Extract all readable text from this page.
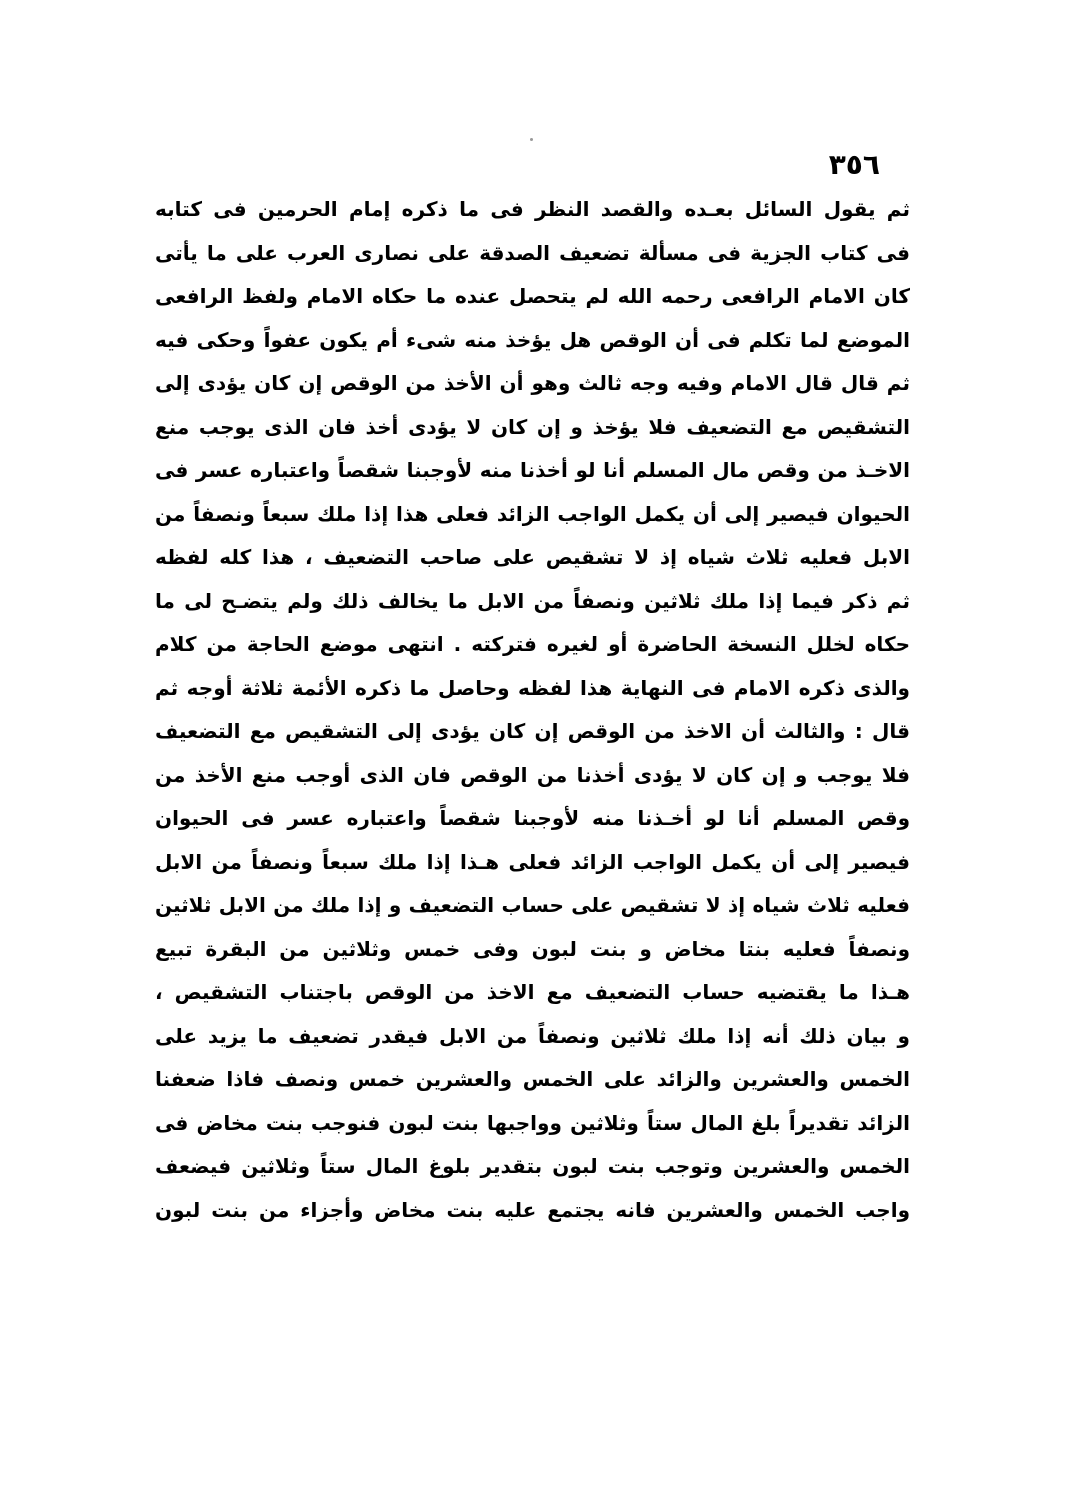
٣٥٦
ثم يقول السائل بعـده والقصد النظر فى ما ذكره إمام الحرمين فى كتابه
فى كتاب الجزية فى مسألة تضعيف الصدقة على نصارى العرب على ما يأتى
كان الامام الرافعى رحمه الله لم يتحصل عنده ما حكاه الامام ولفظ الرافعى
الموضع لما تكلم فى أن الوقص هل يؤخذ منه شىء أم يكون عفواً وحكى فيه
ثم قال قال الامام وفيه وجه ثالث وهو أن الأخذ من الوقص إن كان يؤدى إلى
التشقيص مع التضعيف فلا يؤخذ و إن كان لا يؤدى أخذ فان الذى يوجب منع
الاخـذ من وقص مال المسلم أنا لو أخذنا منه لأوجبنا شقصاً واعتباره عسر فى
الحيوان فيصير إلى أن يكمل الواجب الزائد فعلى هذا إذا ملك سبعاً ونصفاً من
الابل فعليه ثلاث شياه إذ لا تشقيص على صاحب التضعيف ، هذا كله لفظه
ثم ذكر فيما إذا ملك ثلاثين ونصفاً من الابل ما يخالف ذلك ولم يتضـح لى ما
حكاه لخلل النسخة الحاضرة أو لغيره فتركته . انتهى موضع الحاجة من كلام
والذى ذكره الامام فى النهاية هذا لفظه وحاصل ما ذكره الأئمة ثلاثة أوجه ثم
قال : والثالث أن الاخذ من الوقص إن كان يؤدى إلى التشقيص مع التضعيف
فلا يوجب و إن كان لا يؤدى أخذنا من الوقص فان الذى أوجب منع الأخذ من
وقص المسلم أنا لو أخـذنا منه لأوجبنا شقصاً واعتباره عسر فى الحيوان
فيصير إلى أن يكمل الواجب الزائد فعلى هـذا إذا ملك سبعاً ونصفاً من الابل
فعليه ثلاث شياه إذ لا تشقيص على حساب التضعيف و إذا ملك من الابل ثلاثين
ونصفاً فعليه بنتا مخاض و بنت لبون وفى خمس وثلاثين من البقرة تبيع
هـذا ما يقتضيه حساب التضعيف مع الاخذ من الوقص باجتناب التشقيص ،
و بيان ذلك أنه إذا ملك ثلاثين ونصفاً من الابل فيقدر تضعيف ما يزيد على
الخمس والعشرين والزائد على الخمس والعشرين خمس ونصف فاذا ضعفنا
الزائد تقديراً بلغ المال ستاً وثلاثين وواجبها بنت لبون فنوجب بنت مخاض فى
الخمس والعشرين وتوجب بنت لبون بتقدير بلوغ المال ستاً وثلاثين فيضعف
واجب الخمس والعشرين فانه يجتمع عليه بنت مخاض وأجزاء من بنت لبون
